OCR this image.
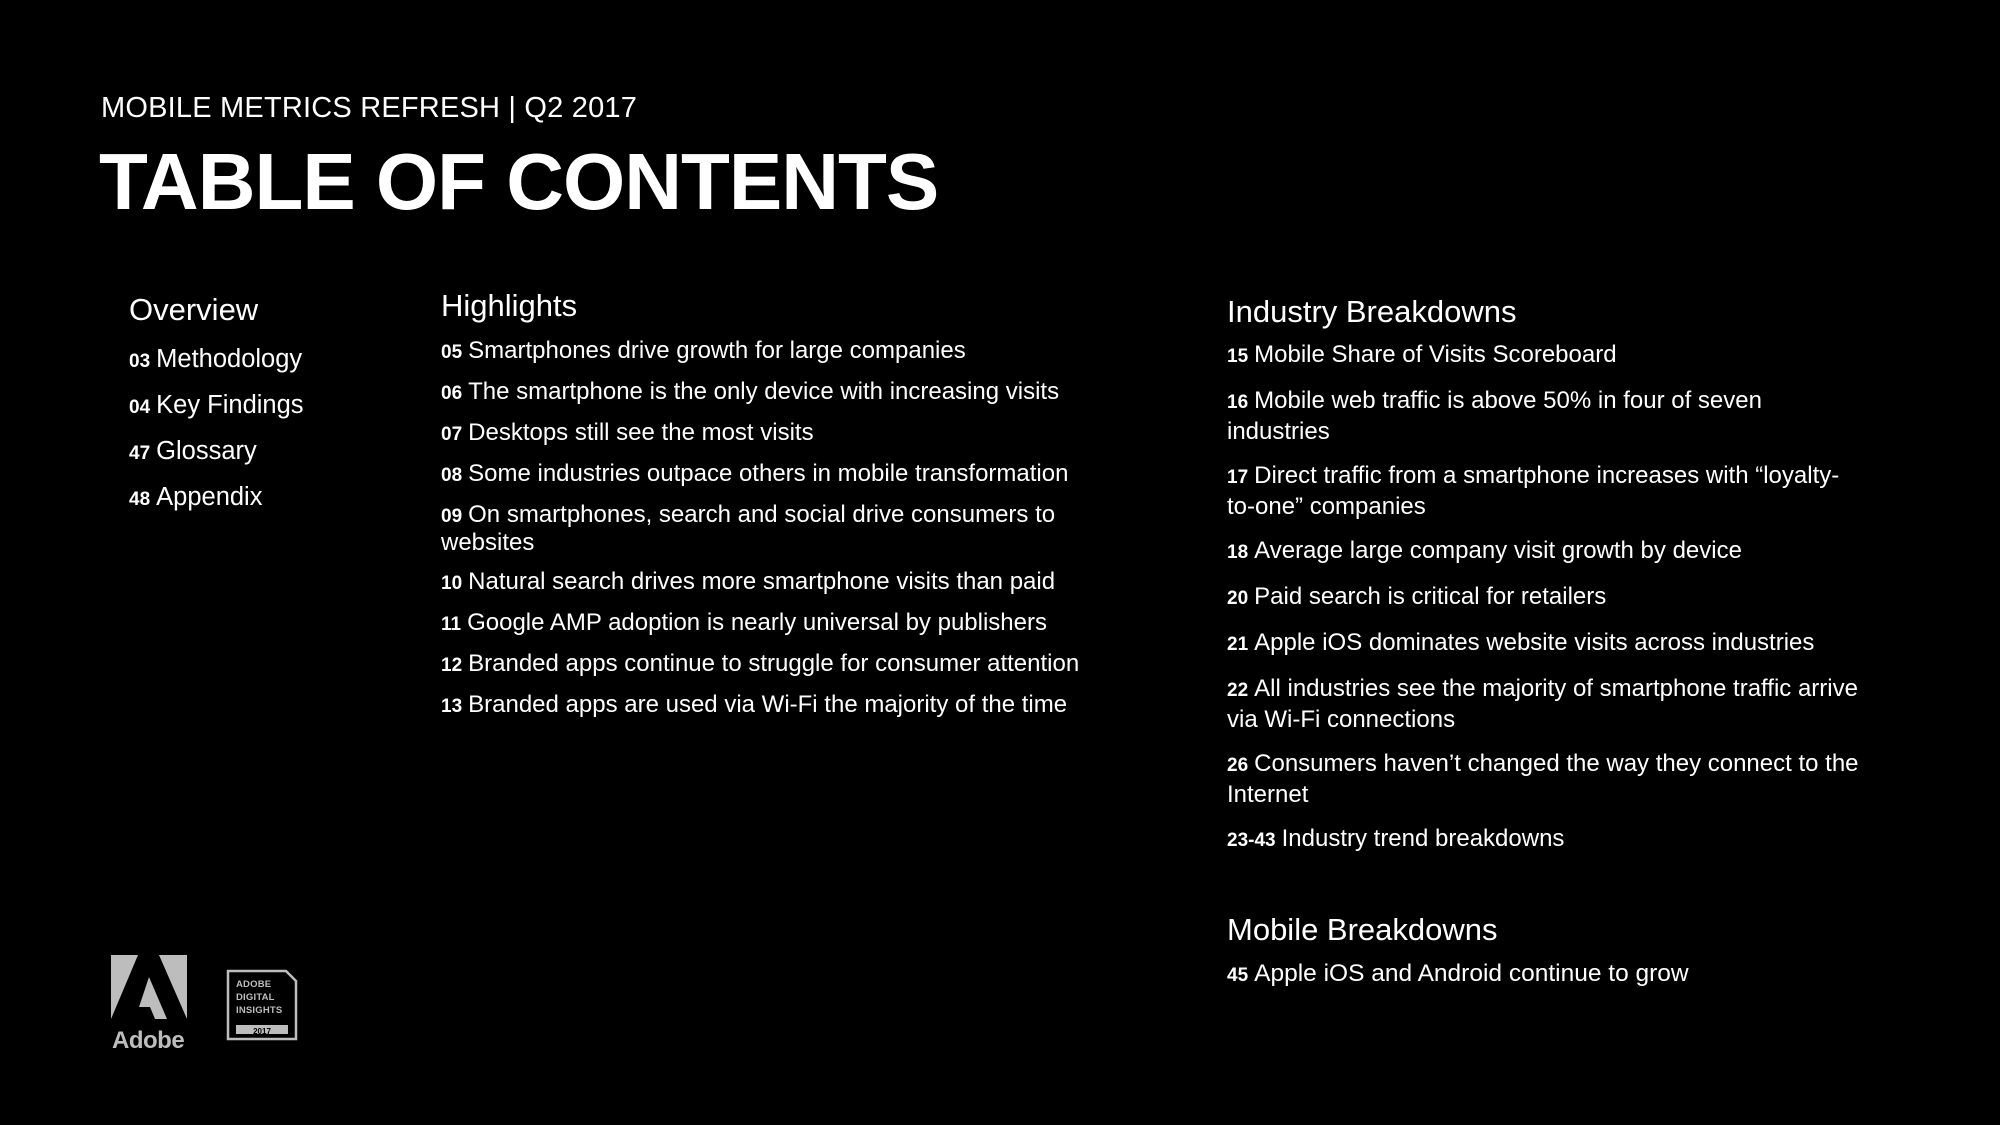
MOBILE METRICS REFRESH | Q2 2017
TABLE OF CONTENTS
Overview
03 Methodology
04 Key Findings
47 Glossary
48 Appendix
Highlights
05 Smartphones drive growth for large companies
06 The smartphone is the only device with increasing visits
07 Desktops still see the most visits
08 Some industries outpace others in mobile transformation
09 On smartphones, search and social drive consumers to websites
10 Natural search drives more smartphone visits than paid
11 Google AMP adoption is nearly universal by publishers
12 Branded apps continue to struggle for consumer attention
13 Branded apps are used via Wi-Fi the majority of the time
Industry Breakdowns
15 Mobile Share of Visits Scoreboard
16 Mobile web traffic is above 50% in four of seven industries
17 Direct traffic from a smartphone increases with “loyalty-to-one” companies
18 Average large company visit growth by device
20 Paid search is critical for retailers
21 Apple iOS dominates website visits across industries
22 All industries see the majority of smartphone traffic arrive via Wi-Fi connections
26 Consumers haven’t changed the way they connect to the Internet
23-43 Industry trend breakdowns
Mobile Breakdowns
45 Apple iOS and Android continue to grow
Adobe
ADOBE
DIGITAL
INSIGHTS
2017
